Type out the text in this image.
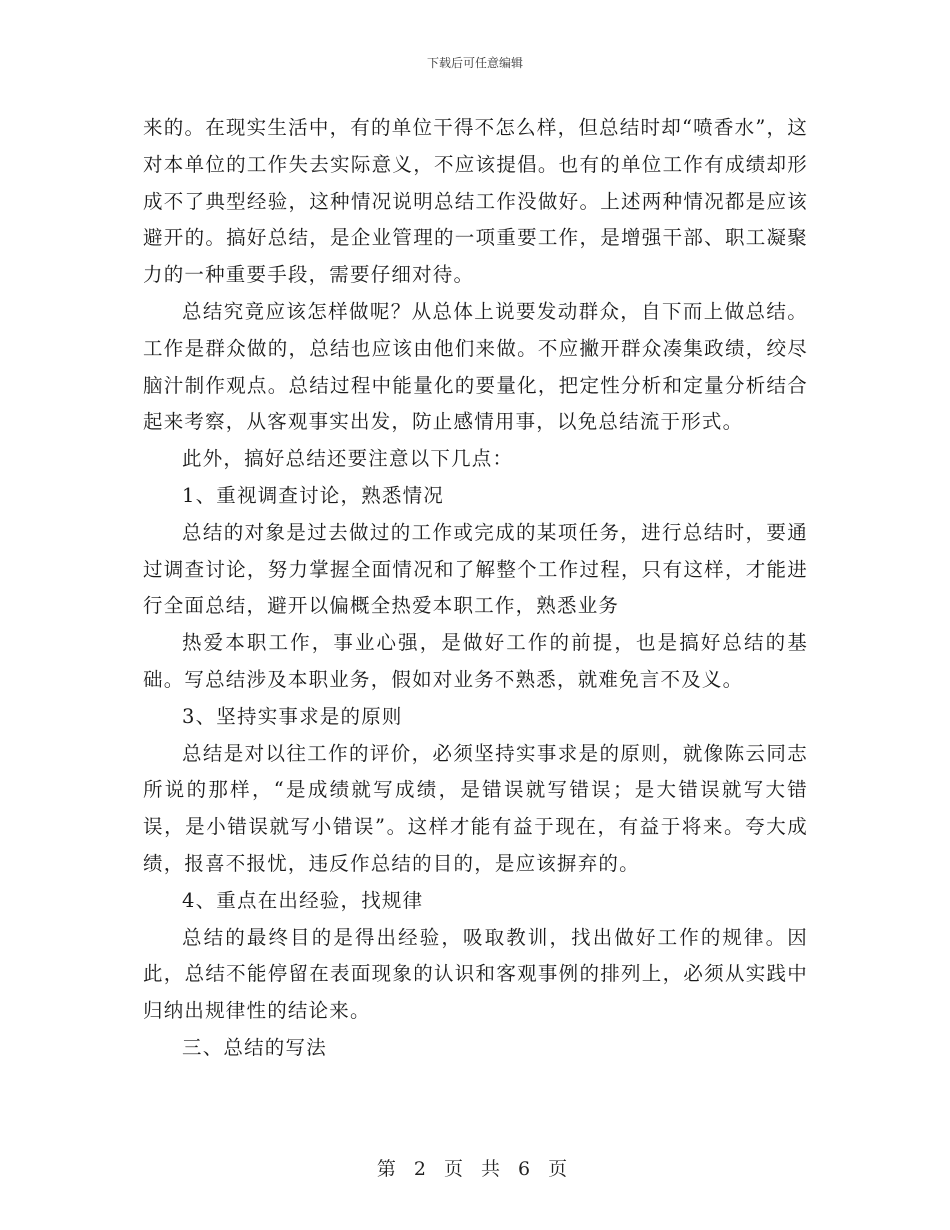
下载后可任意编辑

来的。在现实生活中，有的单位干得不怎么样，但总结时却“喷香水”，这对本单位的工作失去实际意义，不应该提倡。也有的单位工作有成绩却形成不了典型经验，这种情况说明总结工作没做好。上述两种情况都是应该避开的。搞好总结，是企业管理的一项重要工作，是增强干部、职工凝聚力的一种重要手段，需要仔细对待。

总结究竟应该怎样做呢？从总体上说要发动群众，自下而上做总结。工作是群众做的，总结也应该由他们来做。不应撇开群众凑集政绩，绞尽脑汁制作观点。总结过程中能量化的要量化，把定性分析和定量分析结合起来考察，从客观事实出发，防止感情用事，以免总结流于形式。

此外，搞好总结还要注意以下几点：

1、重视调查讨论，熟悉情况

总结的对象是过去做过的工作或完成的某项任务，进行总结时，要通过调查讨论，努力掌握全面情况和了解整个工作过程，只有这样，才能进行全面总结，避开以偏概全热爱本职工作，熟悉业务

热爱本职工作，事业心强，是做好工作的前提，也是搞好总结的基础。写总结涉及本职业务，假如对业务不熟悉，就难免言不及义。

3、坚持实事求是的原则

总结是对以往工作的评价，必须坚持实事求是的原则，就像陈云同志所说的那样，“是成绩就写成绩，是错误就写错误；是大错误就写大错误，是小错误就写小错误”。这样才能有益于现在，有益于将来。夸大成绩，报喜不报忧，违反作总结的目的，是应该摒弃的。

4、重点在出经验，找规律

总结的最终目的是得出经验，吸取教训，找出做好工作的规律。因此，总结不能停留在表面现象的认识和客观事例的排列上，必须从实践中归纳出规律性的结论来。

三、总结的写法

第 2 页 共 6 页
